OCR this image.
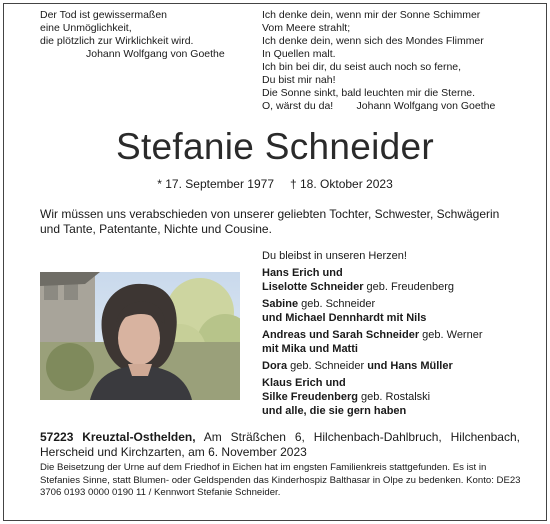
Der Tod ist gewissermaßen
eine Unmöglichkeit,
die plötzlich zur Wirklichkeit wird.
Johann Wolfgang von Goethe
Ich denke dein, wenn mir der Sonne Schimmer
Vom Meere strahlt;
Ich denke dein, wenn sich des Mondes Flimmer
In Quellen malt.
Ich bin bei dir, du seist auch noch so ferne,
Du bist mir nah!
Die Sonne sinkt, bald leuchten mir die Sterne.
O, wärst du da! Johann Wolfgang von Goethe
Stefanie Schneider
* 17. September 1977 † 18. Oktober 2023
Wir müssen uns verabschieden von unserer geliebten Tochter, Schwester, Schwägerin und Tante, Patentante, Nichte und Cousine.
Du bleibst in unseren Herzen!
Hans Erich und
Liselotte Schneider geb. Freudenberg
Sabine geb. Schneider
und Michael Dennhardt mit Nils
Andreas und Sarah Schneider geb. Werner
mit Mika und Matti
Dora geb. Schneider und Hans Müller
Klaus Erich und
Silke Freudenberg geb. Rostalski
und alle, die sie gern haben
57223 Kreuztal-Osthelden, Am Sträßchen 6, Hilchenbach-Dahlbruch, Hilchenbach, Herscheid und Kirchzarten, am 6. November 2023
Die Beisetzung der Urne auf dem Friedhof in Eichen hat im engsten Familienkreis stattgefunden. Es ist in Stefanies Sinne, statt Blumen- oder Geldspenden das Kinderhospiz Balthasar in Olpe zu bedenken. Konto: DE23 3706 0193 0000 0190 11 / Kennwort Stefanie Schneider.
